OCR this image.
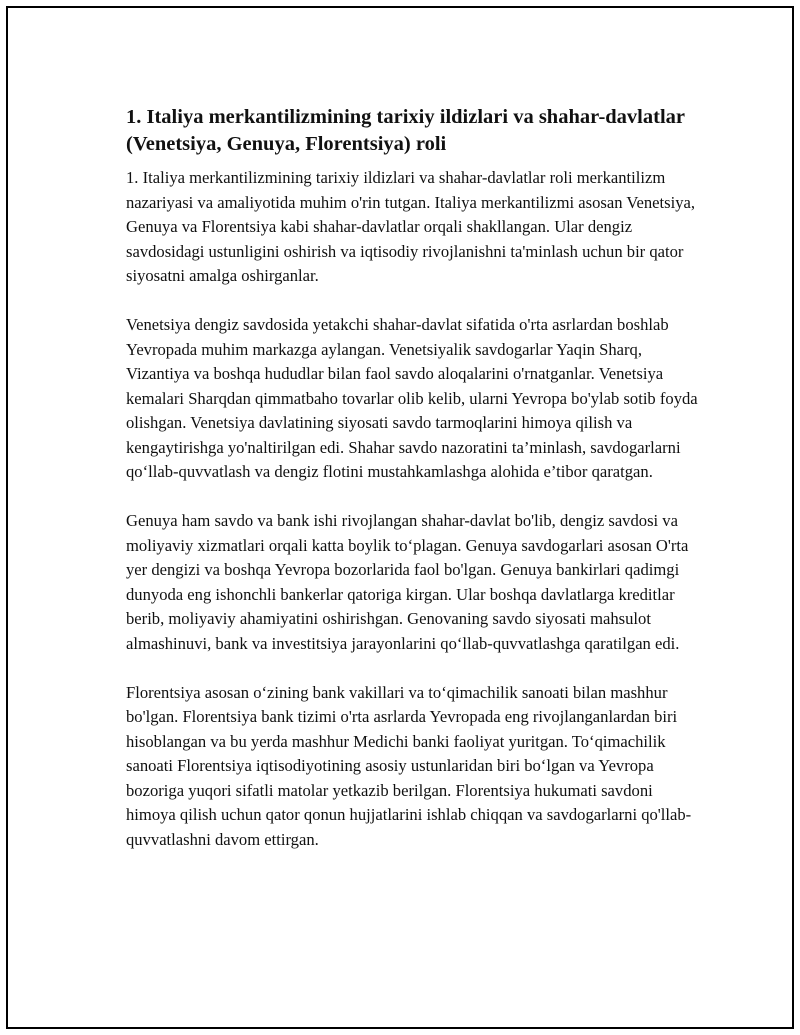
1. Italiya merkantilizmining tarixiy ildizlari va shahar-davlatlar (Venetsiya, Genuya, Florentsiya) roli

1. Italiya merkantilizmining tarixiy ildizlari va shahar-davlatlar roli merkantilizm nazariyasi va amaliyotida muhim o'rin tutgan. Italiya merkantilizmi asosan Venetsiya, Genuya va Florentsiya kabi shahar-davlatlar orqali shakllangan. Ular dengiz savdosidagi ustunligini oshirish va iqtisodiy rivojlanishni ta'minlash uchun bir qator siyosatni amalga oshirganlar.

Venetsiya dengiz savdosida yetakchi shahar-davlat sifatida o'rta asrlardan boshlab Yevropada muhim markazga aylangan. Venetsiyalik savdogarlar Yaqin Sharq, Vizantiya va boshqa hududlar bilan faol savdo aloqalarini o'rnatganlar. Venetsiya kemalari Sharqdan qimmatbaho tovarlar olib kelib, ularni Yevropa bo'ylab sotib foyda olishgan. Venetsiya davlatining siyosati savdo tarmoqlarini himoya qilish va kengaytirishga yo'naltirilgan edi. Shahar savdo nazoratini ta’minlash, savdogarlarni qo‘llab-quvvatlash va dengiz flotini mustahkamlashga alohida e’tibor qaratgan.

Genuya ham savdo va bank ishi rivojlangan shahar-davlat bo'lib, dengiz savdosi va moliyaviy xizmatlari orqali katta boylik to‘plagan. Genuya savdogarlari asosan O'rta yer dengizi va boshqa Yevropa bozorlarida faol bo'lgan. Genuya bankirlari qadimgi dunyoda eng ishonchli bankerlar qatoriga kirgan. Ular boshqa davlatlarga kreditlar berib, moliyaviy ahamiyatini oshirishgan. Genovaning savdo siyosati mahsulot almashinuvi, bank va investitsiya jarayonlarini qo‘llab-quvvatlashga qaratilgan edi.

Florentsiya asosan o‘zining bank vakillari va to‘qimachilik sanoati bilan mashhur bo'lgan. Florentsiya bank tizimi o'rta asrlarda Yevropada eng rivojlanganlardan biri hisoblangan va bu yerda mashhur Medichi banki faoliyat yuritgan. To‘qimachilik sanoati Florentsiya iqtisodiyotining asosiy ustunlaridan biri bo‘lgan va Yevropa bozoriga yuqori sifatli matolar yetkazib berilgan. Florentsiya hukumati savdoni himoya qilish uchun qator qonun hujjatlarini ishlab chiqqan va savdogarlarni qo'llab-quvvatlashni davom ettirgan.
